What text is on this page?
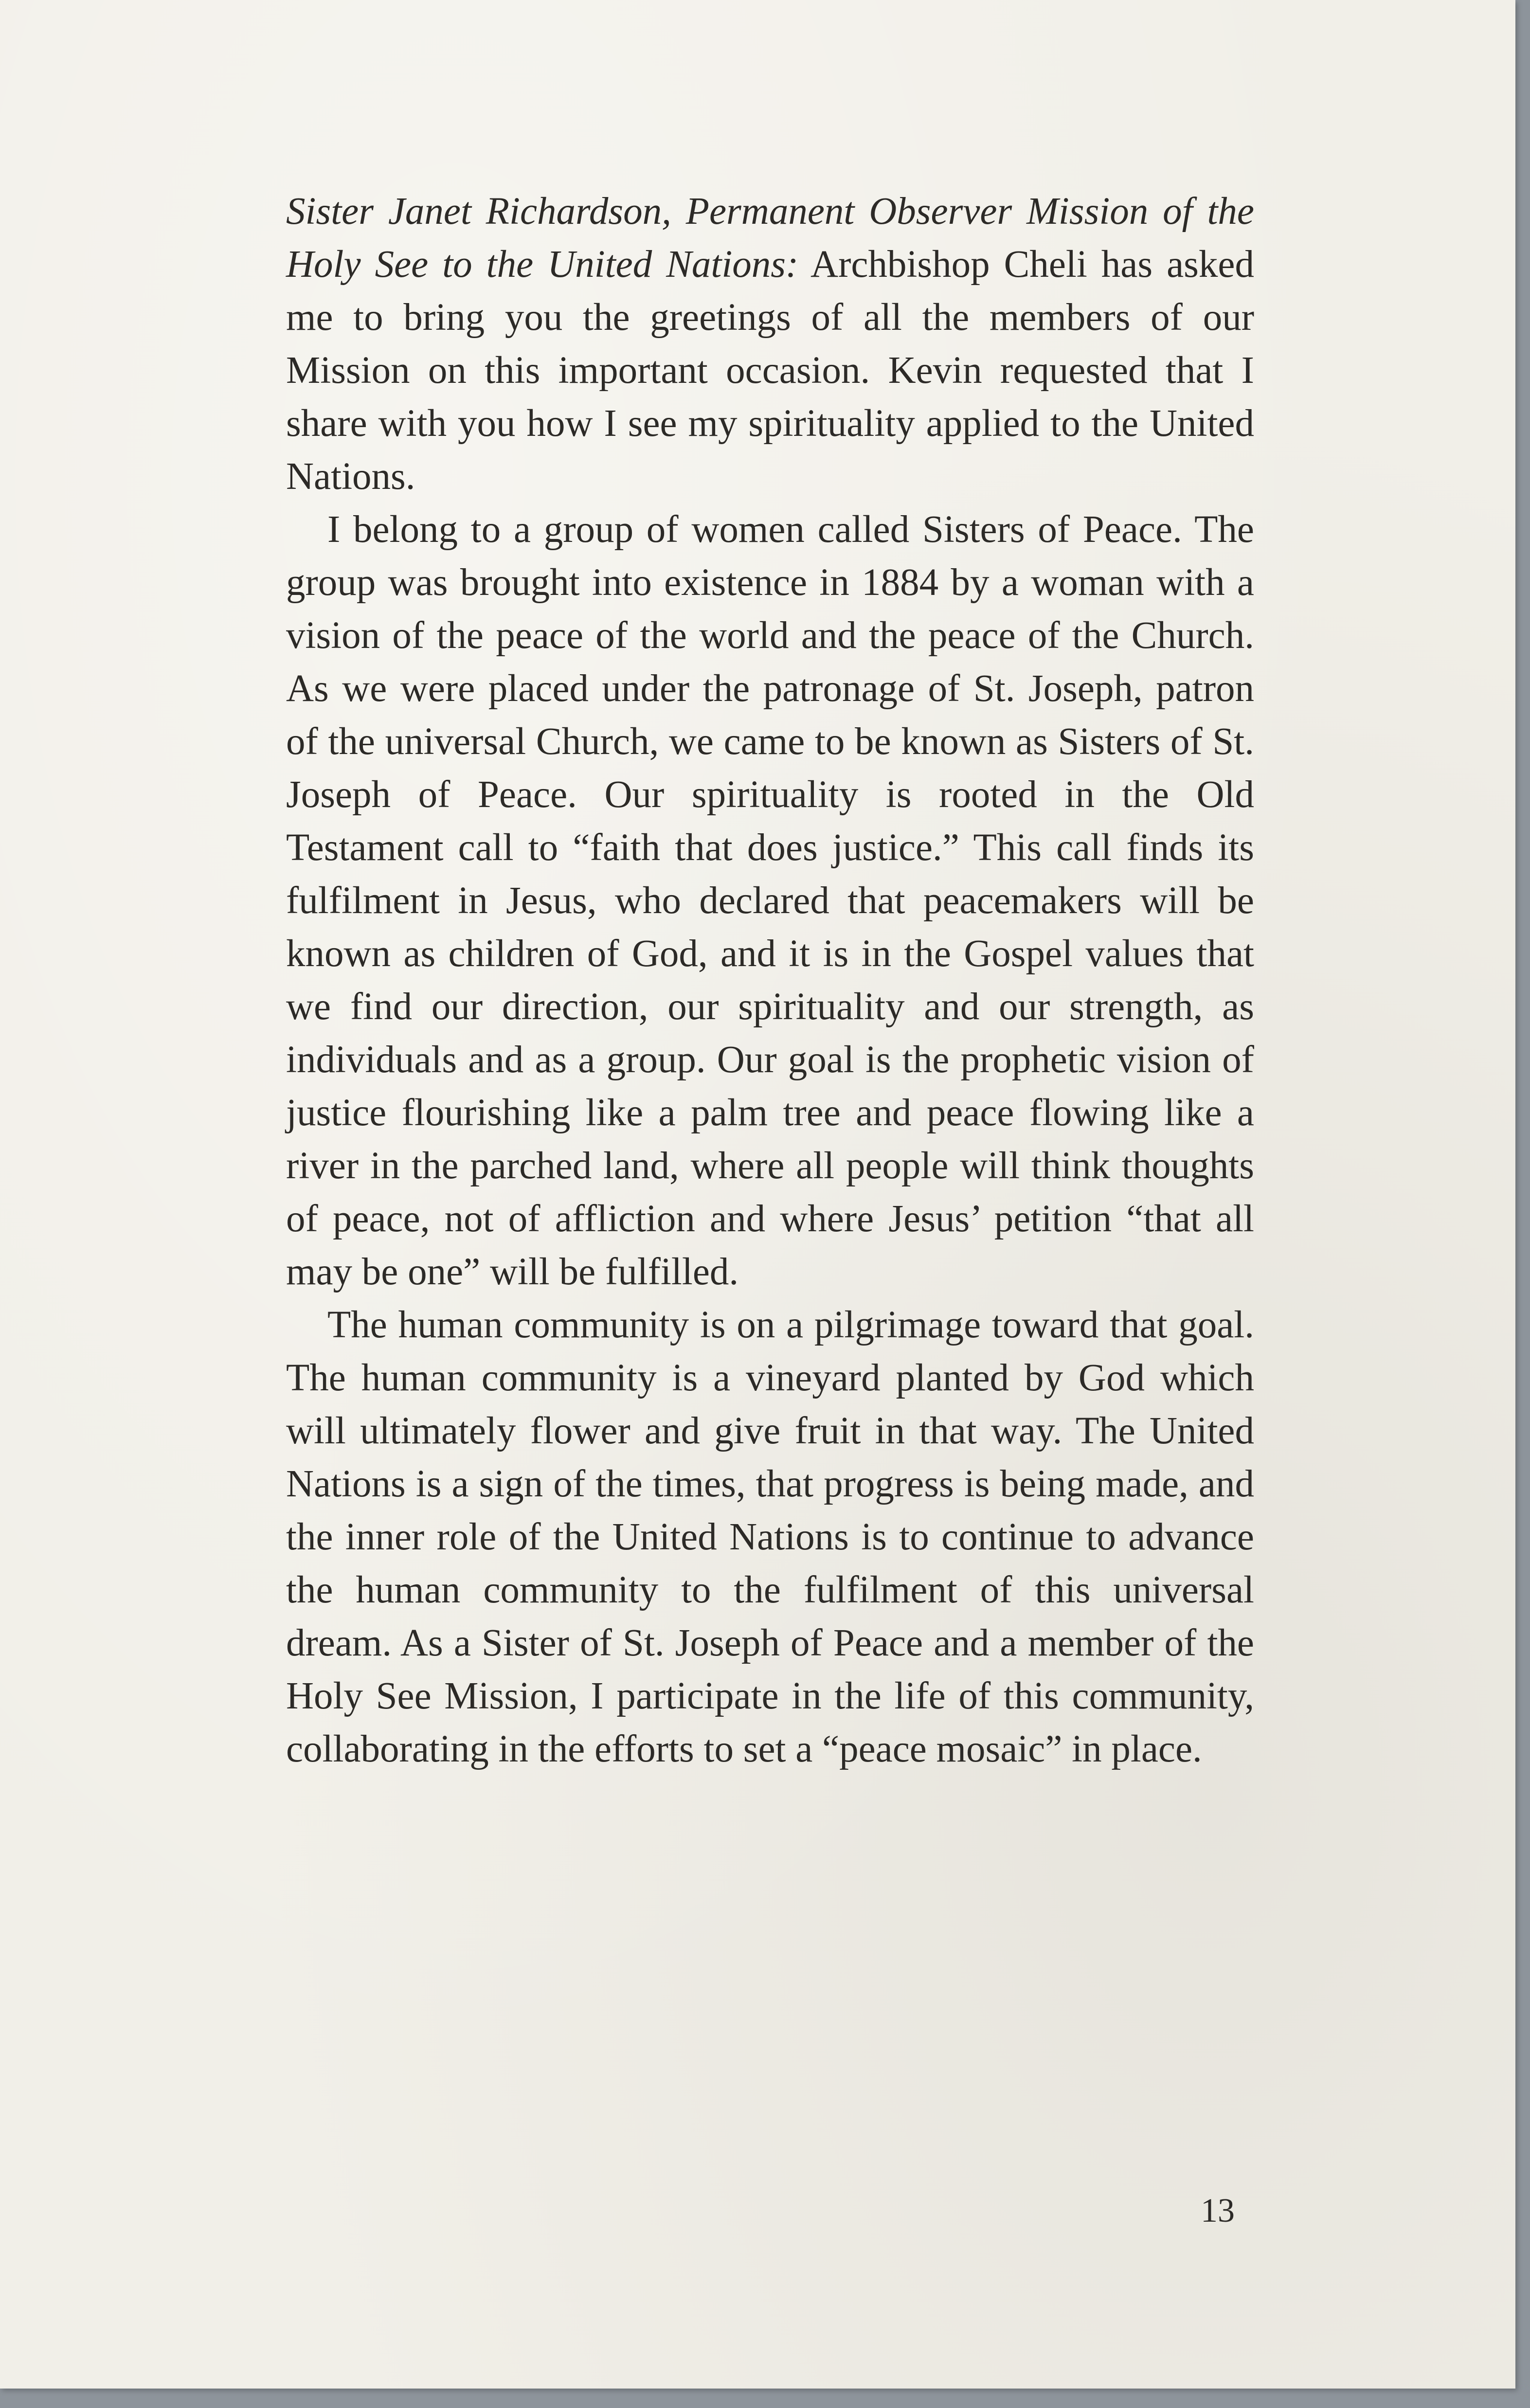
Sister Janet Richardson, Permanent Observer Mission of the Holy See to the United Nations: Archbishop Cheli has asked me to bring you the greetings of all the members of our Mission on this important occasion. Kevin requested that I share with you how I see my spirituality applied to the United Nations.

I belong to a group of women called Sisters of Peace. The group was brought into existence in 1884 by a woman with a vision of the peace of the world and the peace of the Church. As we were placed under the patronage of St. Joseph, patron of the universal Church, we came to be known as Sisters of St. Joseph of Peace. Our spirituality is rooted in the Old Testament call to “faith that does justice.” This call finds its fulfilment in Jesus, who declared that peacemakers will be known as children of God, and it is in the Gospel values that we find our direction, our spirituality and our strength, as individuals and as a group. Our goal is the prophetic vision of justice flourishing like a palm tree and peace flowing like a river in the parched land, where all people will think thoughts of peace, not of affliction and where Jesus’ petition “that all may be one” will be fulfilled.

The human community is on a pilgrimage toward that goal. The human community is a vineyard planted by God which will ultimately flower and give fruit in that way. The United Nations is a sign of the times, that progress is being made, and the inner role of the United Nations is to continue to advance the human community to the fulfilment of this universal dream. As a Sister of St. Joseph of Peace and a member of the Holy See Mission, I participate in the life of this community, collaborating in the efforts to set a “peace mosaic” in place.

13
